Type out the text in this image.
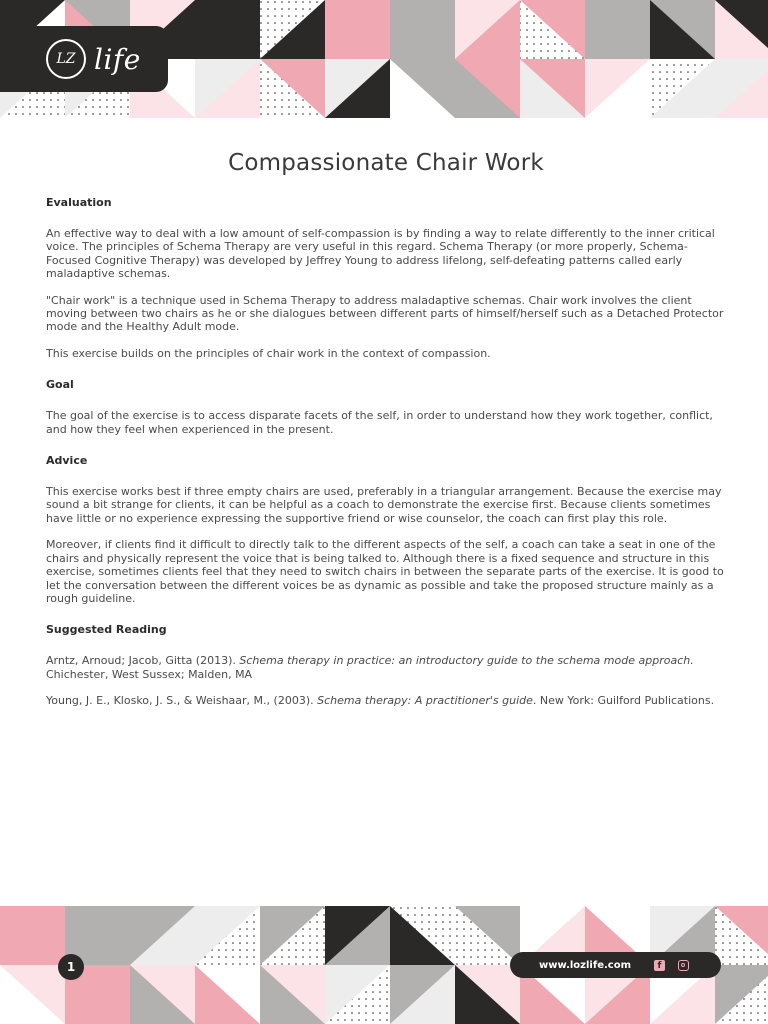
LZ life
Compassionate Chair Work
Evaluation

An effective way to deal with a low amount of self-compassion is by finding a way to relate differently to the inner critical voice. The principles of Schema Therapy are very useful in this regard. Schema Therapy (or more properly, Schema-Focused Cognitive Therapy) was developed by Jeffrey Young to address lifelong, self-defeating patterns called early maladaptive schemas.

"Chair work" is a technique used in Schema Therapy to address maladaptive schemas. Chair work involves the client moving between two chairs as he or she dialogues between different parts of himself/herself such as a Detached Protector mode and the Healthy Adult mode.

This exercise builds on the principles of chair work in the context of compassion.

Goal

The goal of the exercise is to access disparate facets of the self, in order to understand how they work together, conflict, and how they feel when experienced in the present.

Advice

This exercise works best if three empty chairs are used, preferably in a triangular arrangement. Because the exercise may sound a bit strange for clients, it can be helpful as a coach to demonstrate the exercise first. Because clients sometimes have little or no experience expressing the supportive friend or wise counselor, the coach can first play this role.

Moreover, if clients find it difficult to directly talk to the different aspects of the self, a coach can take a seat in one of the chairs and physically represent the voice that is being talked to. Although there is a fixed sequence and structure in this exercise, sometimes clients feel that they need to switch chairs in between the separate parts of the exercise. It is good to let the conversation between the different voices be as dynamic as possible and take the proposed structure mainly as a rough guideline.

Suggested Reading

Arntz, Arnoud; Jacob, Gitta (2013). Schema therapy in practice: an introductory guide to the schema mode approach. Chichester, West Sussex; Malden, MA

Young, J. E., Klosko, J. S., & Weishaar, M., (2003). Schema therapy: A practitioner's guide. New York: Guilford Publications.

1	www.lozlife.com	f
